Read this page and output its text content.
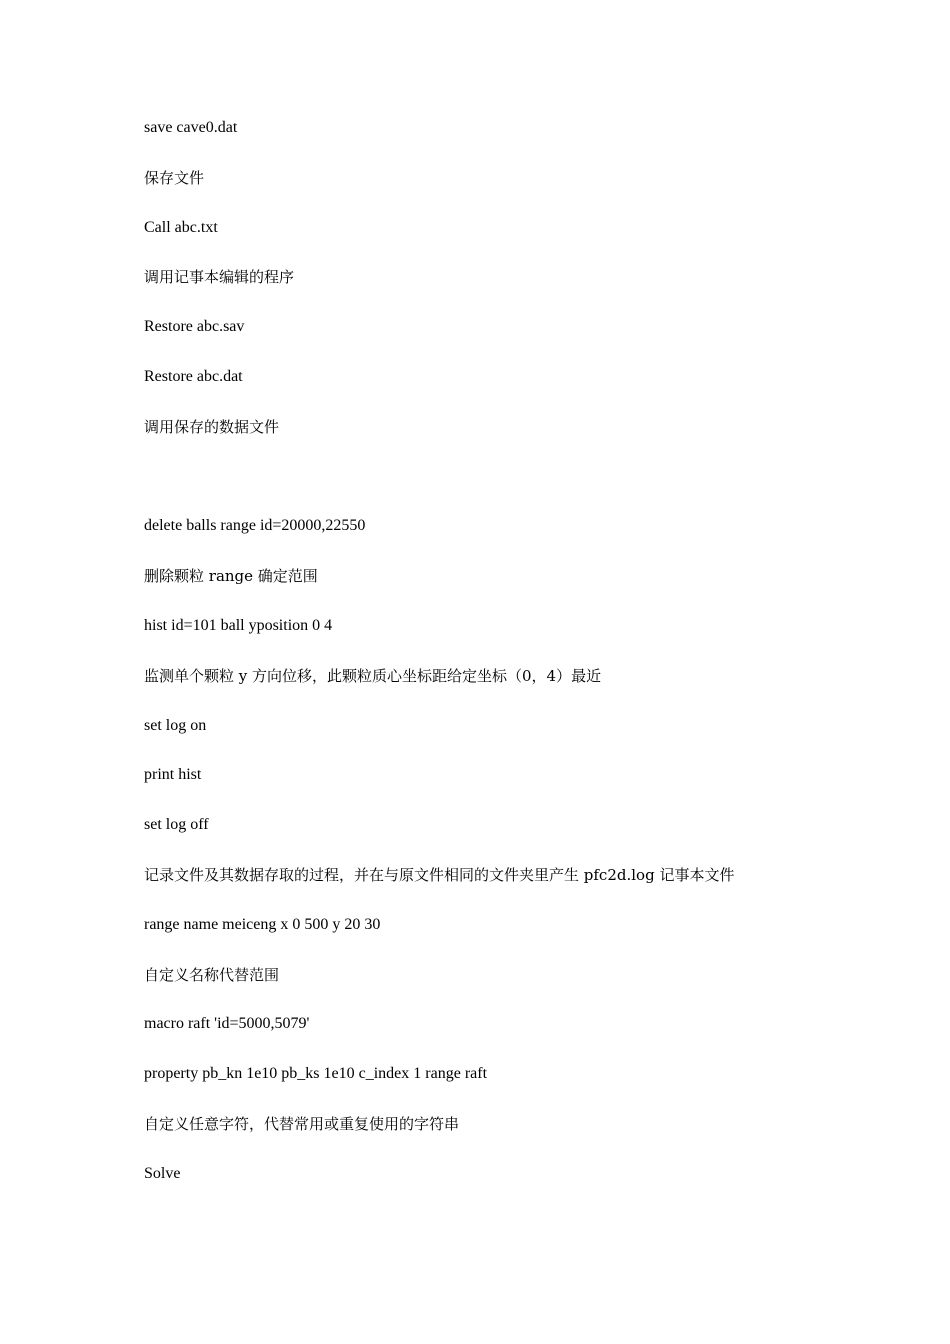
save cave0.dat
保存文件
Call abc.txt
调用记事本编辑的程序
Restore abc.sav
Restore abc.dat
调用保存的数据文件
delete balls range id=20000,22550
删除颗粒 range 确定范围
hist id=101 ball yposition 0 4
监测单个颗粒 y 方向位移，此颗粒质心坐标距给定坐标（0，4）最近
set log on
print hist
set log off
记录文件及其数据存取的过程，并在与原文件相同的文件夹里产生 pfc2d.log 记事本文件
range name meiceng x 0 500 y 20 30
自定义名称代替范围
macro raft 'id=5000,5079'
property pb_kn 1e10 pb_ks 1e10 c_index 1 range raft
自定义任意字符，代替常用或重复使用的字符串
Solve
